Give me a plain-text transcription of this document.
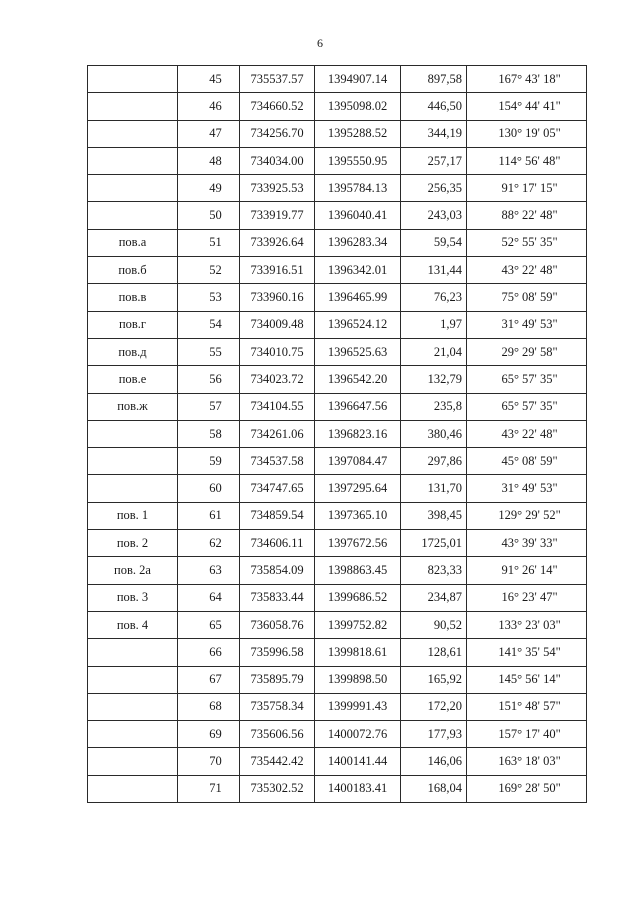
6
	45	735537.57	1394907.14	897,58	167° 43' 18"
	46	734660.52	1395098.02	446,50	154° 44' 41"
	47	734256.70	1395288.52	344,19	130° 19' 05"
	48	734034.00	1395550.95	257,17	114° 56' 48"
	49	733925.53	1395784.13	256,35	91° 17' 15"
	50	733919.77	1396040.41	243,03	88° 22' 48"
пов.а	51	733926.64	1396283.34	59,54	52° 55' 35"
пов.б	52	733916.51	1396342.01	131,44	43° 22' 48"
пов.в	53	733960.16	1396465.99	76,23	75° 08' 59"
пов.г	54	734009.48	1396524.12	1,97	31° 49' 53"
пов.д	55	734010.75	1396525.63	21,04	29° 29' 58"
пов.е	56	734023.72	1396542.20	132,79	65° 57' 35"
пов.ж	57	734104.55	1396647.56	235,8	65° 57' 35"
	58	734261.06	1396823.16	380,46	43° 22' 48"
	59	734537.58	1397084.47	297,86	45° 08' 59"
	60	734747.65	1397295.64	131,70	31° 49' 53"
пов. 1	61	734859.54	1397365.10	398,45	129° 29' 52"
пов. 2	62	734606.11	1397672.56	1725,01	43° 39' 33"
пов. 2а	63	735854.09	1398863.45	823,33	91° 26' 14"
пов. 3	64	735833.44	1399686.52	234,87	16° 23' 47"
пов. 4	65	736058.76	1399752.82	90,52	133° 23' 03"
	66	735996.58	1399818.61	128,61	141° 35' 54"
	67	735895.79	1399898.50	165,92	145° 56' 14"
	68	735758.34	1399991.43	172,20	151° 48' 57"
	69	735606.56	1400072.76	177,93	157° 17' 40"
	70	735442.42	1400141.44	146,06	163° 18' 03"
	71	735302.52	1400183.41	168,04	169° 28' 50"
